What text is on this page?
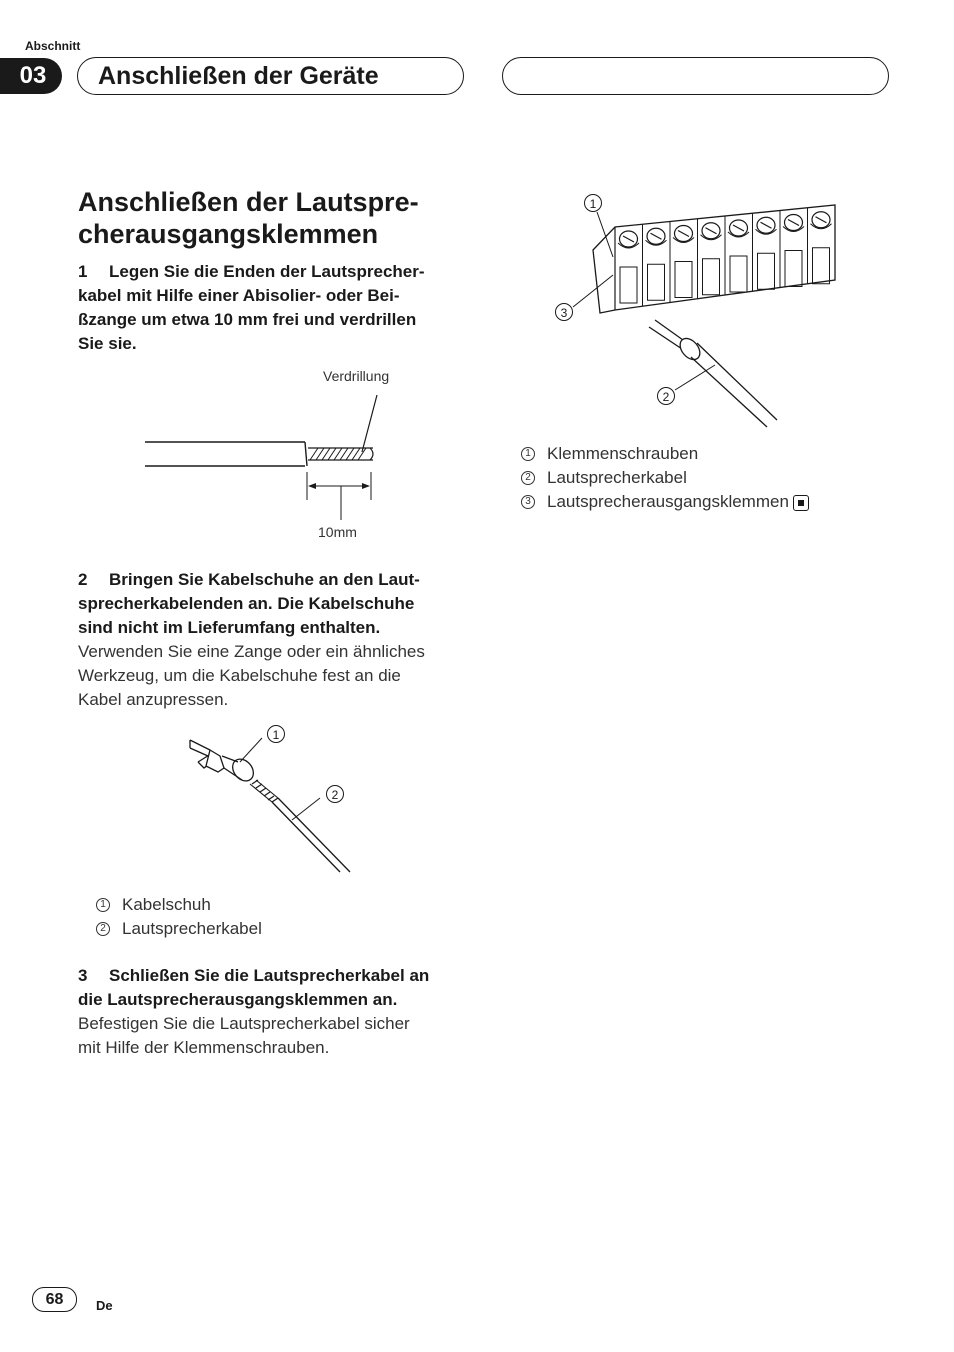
Abschnitt
03	Anschließen der Geräte
Anschließen der Lautspre-
cherausgangsklemmen
1 Legen Sie die Enden der Lautsprecher-
kabel mit Hilfe einer Abisolier- oder Bei-
ßzange um etwa 10 mm frei und verdrillen
Sie sie.
Verdrillung
10mm
2 Bringen Sie Kabelschuhe an den Laut-
sprecherkabelenden an. Die Kabelschuhe
sind nicht im Lieferumfang enthalten.
Verwenden Sie eine Zange oder ein ähnliches
Werkzeug, um die Kabelschuhe fest an die
Kabel anzupressen.
1
2
1 Kabelschuh
2 Lautsprecherkabel
3 Schließen Sie die Lautsprecherkabel an
die Lautsprecherausgangsklemmen an.
Befestigen Sie die Lautsprecherkabel sicher
mit Hilfe der Klemmenschrauben.
1
3
2
1 Klemmenschrauben
2 Lautsprecherkabel
3 Lautsprecherausgangsklemmen
68	De
